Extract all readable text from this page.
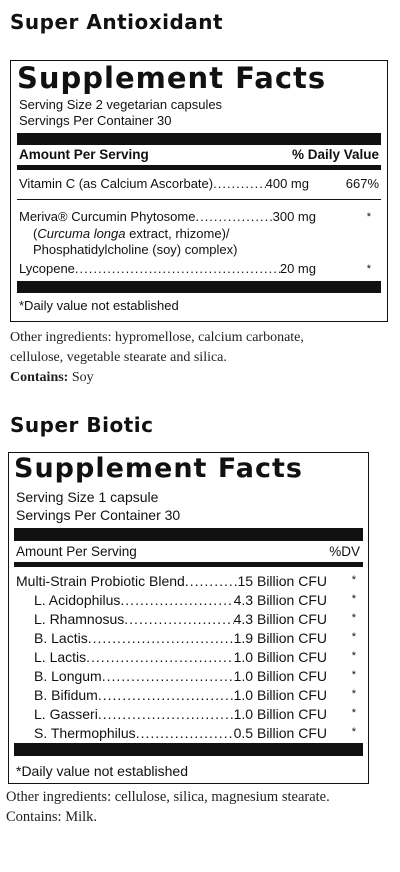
Super Antioxidant
Supplement Facts
Serving Size 2 vegetarian capsules
Servings Per Container 30
Amount Per Serving	% Daily Value
Vitamin C (as Calcium Ascorbate) .....	400 mg	667%
Meriva® Curcumin Phytosome .....	300 mg	*
(Curcuma longa extract, rhizome)/
Phosphatidylcholine (soy) complex)
Lycopene .....	20 mg	*
*Daily value not established
Other ingredients: hypromellose, calcium carbonate,
cellulose, vegetable stearate and silica.
Contains: Soy
Super Biotic
Supplement Facts
Serving Size 1 capsule
Servings Per Container 30
Amount Per Serving	%DV
Multi-Strain Probiotic Blend .....	15 Billion CFU *
L. Acidophilus .....	4.3 Billion CFU *
L. Rhamnosus .....	4.3 Billion CFU *
B. Lactis .....	1.9 Billion CFU *
L. Lactis .....	1.0 Billion CFU *
B. Longum .....	1.0 Billion CFU *
B. Bifidum .....	1.0 Billion CFU *
L. Gasseri .....	1.0 Billion CFU *
S. Thermophilus .....	0.5 Billion CFU *
*Daily value not established
Other ingredients: cellulose, silica, magnesium stearate.
Contains: Milk.
